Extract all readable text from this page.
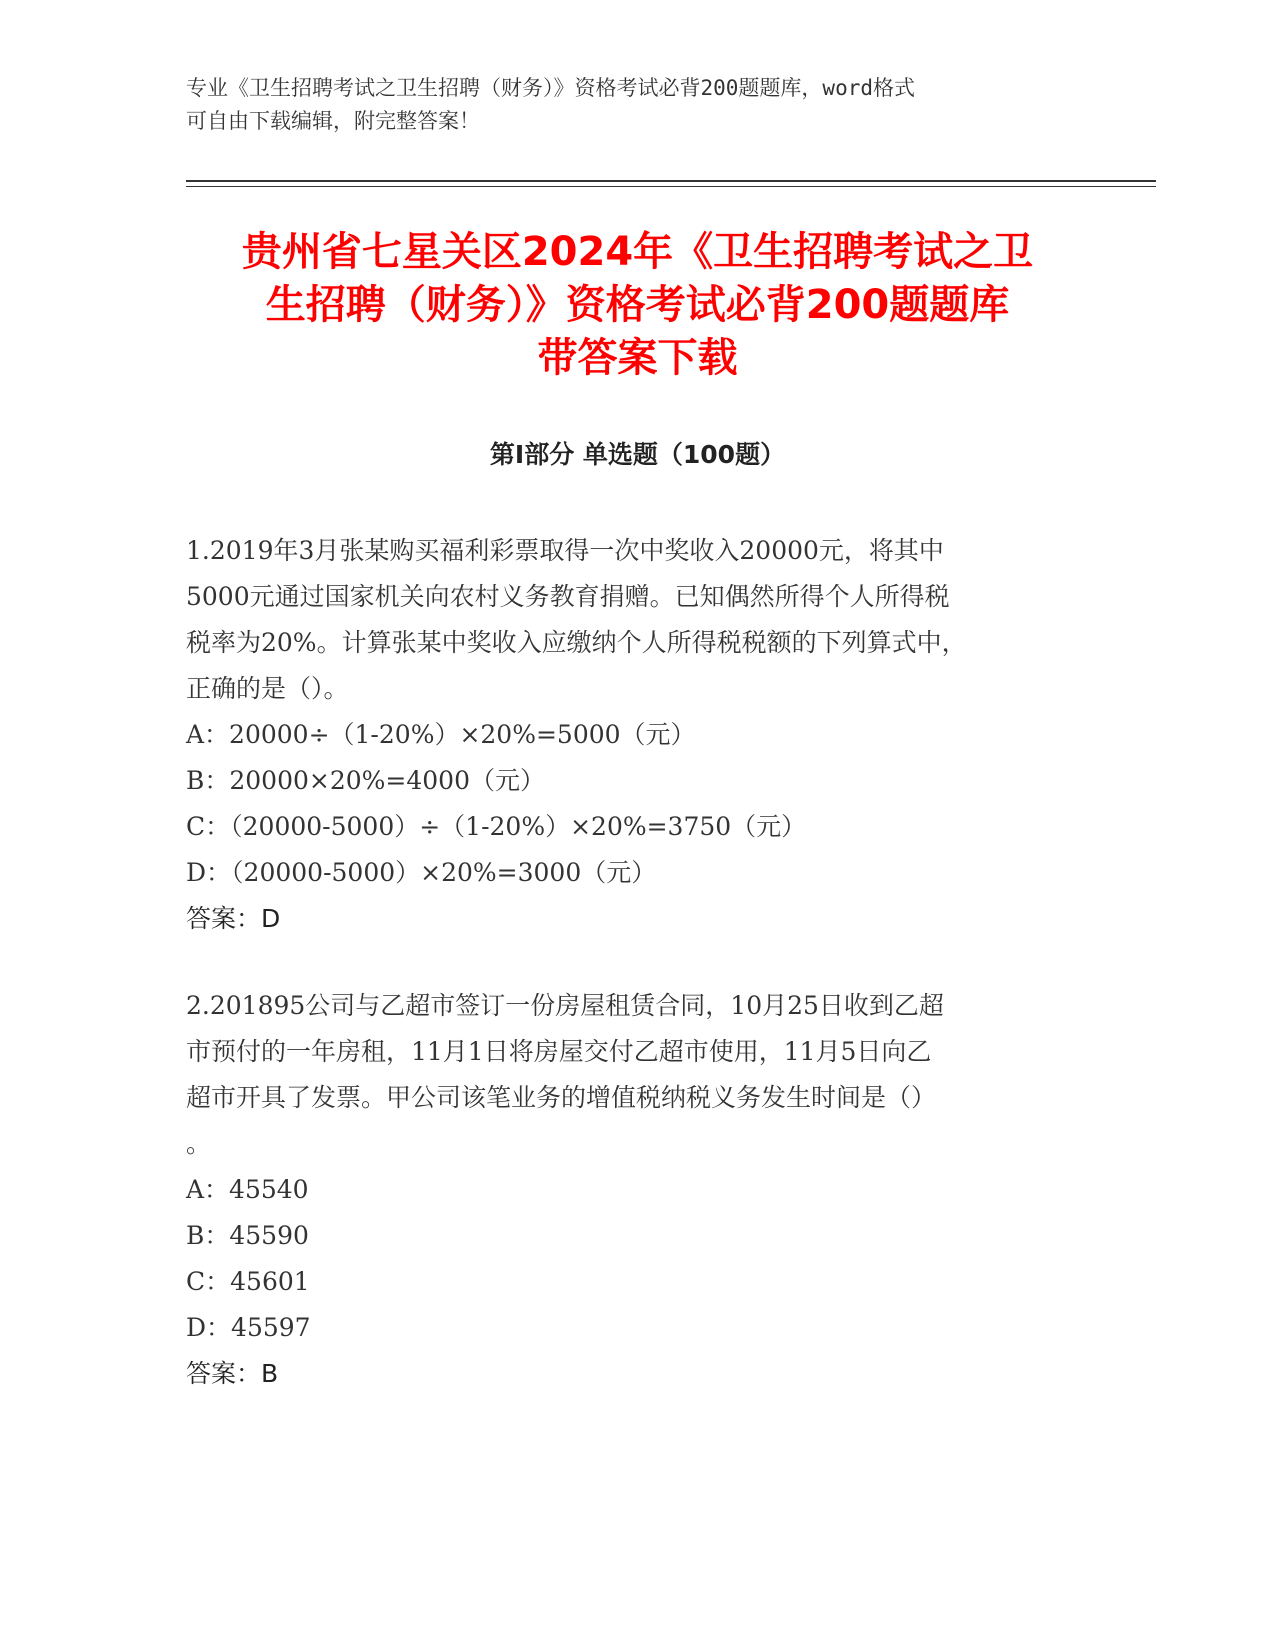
专业《卫生招聘考试之卫生招聘（财务）》资格考试必背200题题库，word格式
可自由下载编辑，附完整答案！
贵州省七星关区2024年《卫生招聘考试之卫
生招聘（财务）》资格考试必背200题题库
带答案下载
第Ⅰ部分 单选题（100题）
1.2019年3月张某购买福利彩票取得一次中奖收入20000元，将其中
5000元通过国家机关向农村义务教育捐赠。已知偶然所得个人所得税
税率为20%。计算张某中奖收入应缴纳个人所得税税额的下列算式中，
正确的是（）。
A：20000÷（1-20%）×20%=5000（元）
B：20000×20%=4000（元）
C：（20000-5000）÷（1-20%）×20%=3750（元）
D：（20000-5000）×20%=3000（元）
答案：D
2.201895公司与乙超市签订一份房屋租赁合同，10月25日收到乙超
市预付的一年房租，11月1日将房屋交付乙超市使用，11月5日向乙
超市开具了发票。甲公司该笔业务的增值税纳税义务发生时间是（）
。
A：45540
B：45590
C：45601
D：45597
答案：B
